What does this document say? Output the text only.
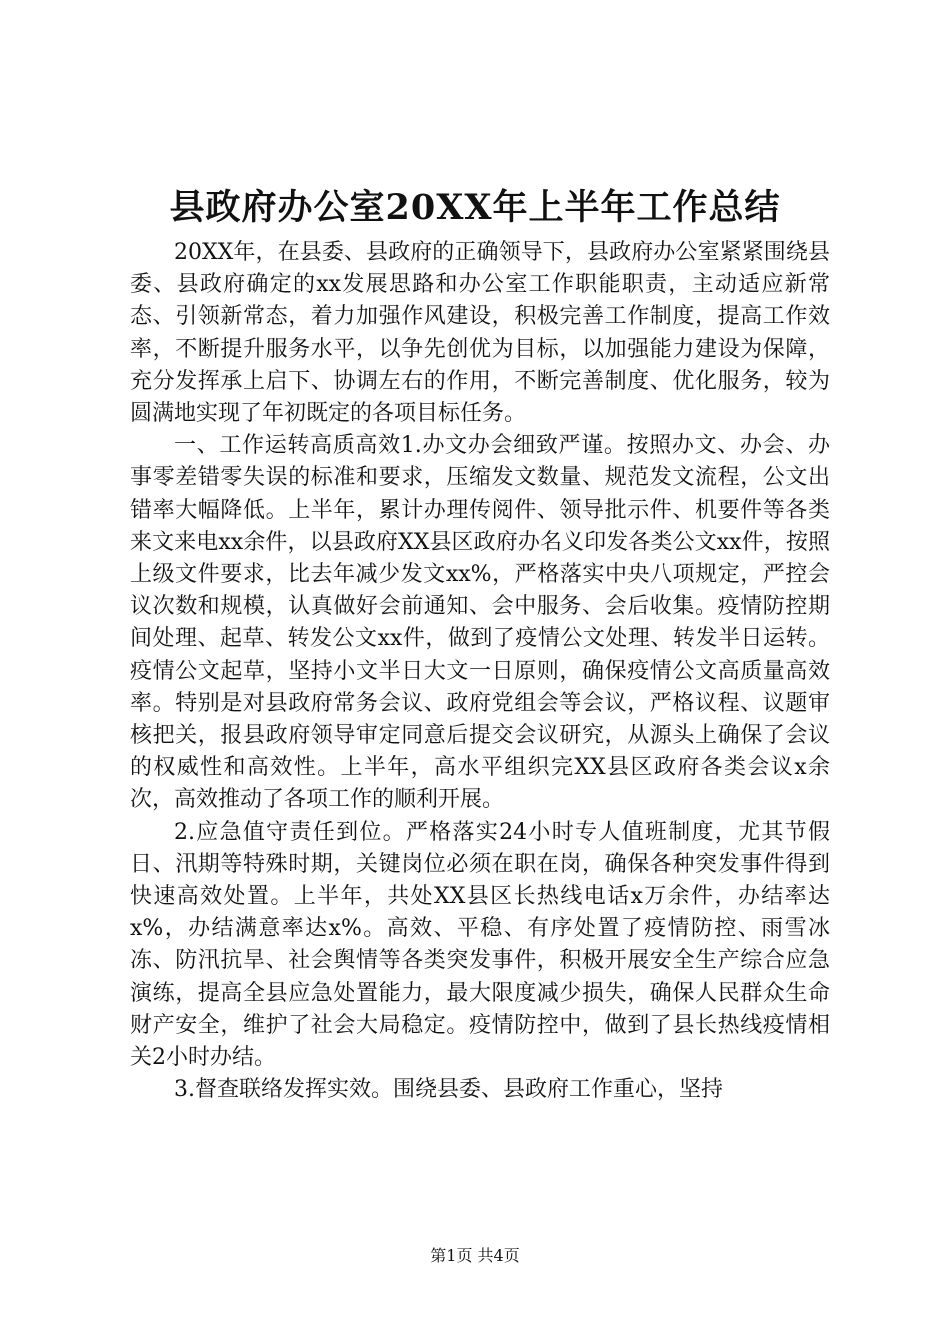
县政府办公室20XX年上半年工作总结

20XX年，在县委、县政府的正确领导下，县政府办公室紧紧围绕县委、县政府确定的xx发展思路和办公室工作职能职责，主动适应新常态、引领新常态，着力加强作风建设，积极完善工作制度，提高工作效率，不断提升服务水平，以争先创优为目标，以加强能力建设为保障，充分发挥承上启下、协调左右的作用，不断完善制度、优化服务，较为圆满地实现了年初既定的各项目标任务。

一、工作运转高质高效1.办文办会细致严谨。按照办文、办会、办事零差错零失误的标准和要求，压缩发文数量、规范发文流程，公文出错率大幅降低。上半年，累计办理传阅件、领导批示件、机要件等各类来文来电xx余件，以县政府XX县区政府办名义印发各类公文xx件，按照上级文件要求，比去年减少发文xx%，严格落实中央八项规定，严控会议次数和规模，认真做好会前通知、会中服务、会后收集。疫情防控期间处理、起草、转发公文xx件，做到了疫情公文处理、转发半日运转。疫情公文起草，坚持小文半日大文一日原则，确保疫情公文高质量高效率。特别是对县政府常务会议、政府党组会等会议，严格议程、议题审核把关，报县政府领导审定同意后提交会议研究，从源头上确保了会议的权威性和高效性。上半年，高水平组织完XX县区政府各类会议x余次，高效推动了各项工作的顺利开展。

2.应急值守责任到位。严格落实24小时专人值班制度，尤其节假日、汛期等特殊时期，关键岗位必须在职在岗，确保各种突发事件得到快速高效处置。上半年，共处XX县区长热线电话x万余件，办结率达x%，办结满意率达x%。高效、平稳、有序处置了疫情防控、雨雪冰冻、防汛抗旱、社会舆情等各类突发事件，积极开展安全生产综合应急演练，提高全县应急处置能力，最大限度减少损失，确保人民群众生命财产安全，维护了社会大局稳定。疫情防控中，做到了县长热线疫情相关2小时办结。

3.督查联络发挥实效。围绕县委、县政府工作重心，坚持

第1页 共4页
